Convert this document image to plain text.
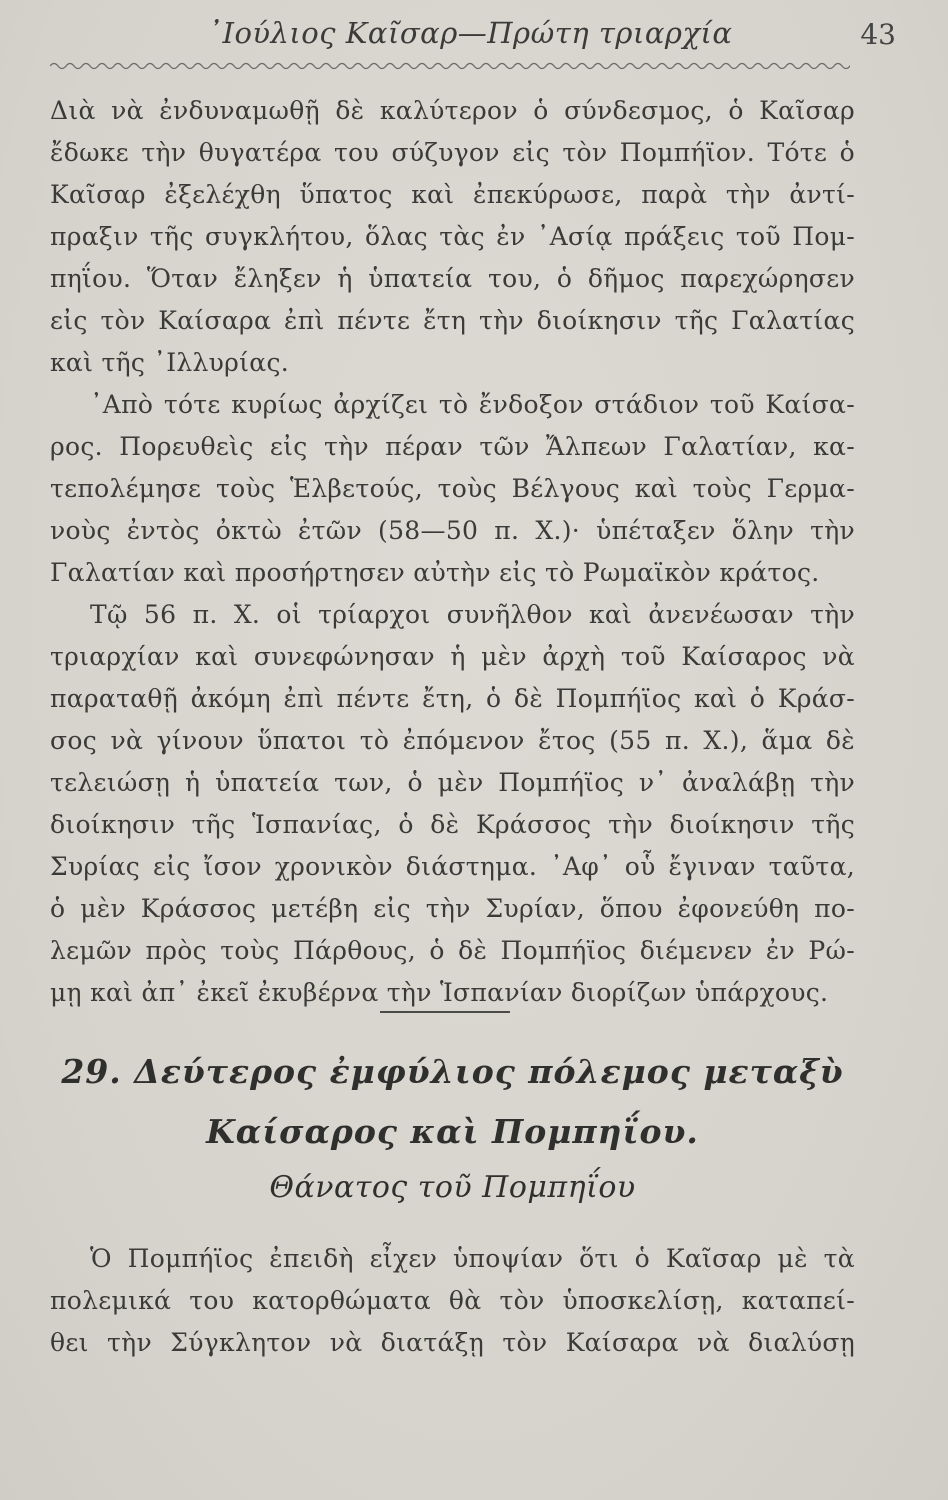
᾿Ιούλιος Καῖσαρ—Πρώτη τριαρχία	43
Διὰ νὰ ἐνδυναμωθῇ δὲ καλύτερον ὁ σύνδεσμος, ὁ Καῖσαρ
ἔδωκε τὴν θυγατέρα του σύζυγον εἰς τὸν Πομπήϊον. Τότε ὁ
Καῖσαρ ἐξελέχθη ὕπατος καὶ ἐπεκύρωσε, παρὰ τὴν ἀντί-
πραξιν τῆς συγκλήτου, ὅλας τὰς ἐν ᾿Ασίᾳ πράξεις τοῦ Πομ-
πηΐου. Ὅταν ἔληξεν ἡ ὑπατεία του, ὁ δῆμος παρεχώρησεν
εἰς τὸν Καίσαρα ἐπὶ πέντε ἔτη τὴν διοίκησιν τῆς Γαλατίας
καὶ τῆς ᾿Ιλλυρίας.
᾿Απὸ τότε κυρίως ἀρχίζει τὸ ἔνδοξον στάδιον τοῦ Καίσα-
ρος. Πορευθεὶς εἰς τὴν πέραν τῶν Ἄλπεων Γαλατίαν, κα-
τεπολέμησε τοὺς Ἑλβετούς, τοὺς Βέλγους καὶ τοὺς Γερμα-
νοὺς ἐντὸς ὀκτὼ ἐτῶν (58—50 π. Χ.)· ὑπέταξεν ὅλην τὴν
Γαλατίαν καὶ προσήρτησεν αὐτὴν εἰς τὸ Ρωμαϊκὸν κράτος.
Τῷ 56 π. Χ. οἱ τρίαρχοι συνῆλθον καὶ ἀνενέωσαν τὴν
τριαρχίαν καὶ συνεφώνησαν ἡ μὲν ἀρχὴ τοῦ Καίσαρος νὰ
παραταθῇ ἀκόμη ἐπὶ πέντε ἔτη, ὁ δὲ Πομπήϊος καὶ ὁ Κράσ-
σος νὰ γίνουν ὕπατοι τὸ ἐπόμενον ἔτος (55 π. Χ.), ἅμα δὲ
τελειώσῃ ἡ ὑπατεία των, ὁ μὲν Πομπήϊος ν᾿ ἀναλάβῃ τὴν
διοίκησιν τῆς Ἱσπανίας, ὁ δὲ Κράσσος τὴν διοίκησιν τῆς
Συρίας εἰς ἴσον χρονικὸν διάστημα. ᾿Αφ᾿ οὗ ἔγιναν ταῦτα,
ὁ μὲν Κράσσος μετέβη εἰς τὴν Συρίαν, ὅπου ἐφονεύθη πο-
λεμῶν πρὸς τοὺς Πάρθους, ὁ δὲ Πομπήϊος διέμενεν ἐν Ρώ-
μῃ καὶ ἀπ᾿ ἐκεῖ ἐκυβέρνα τὴν Ἱσπανίαν διορίζων ὑπάρχους.
29. Δεύτερος ἐμφύλιος πόλεμος μεταξὺ
Καίσαρος καὶ Πομπηΐου.
Θάνατος τοῦ Πομπηΐου
Ὁ Πομπήϊος ἐπειδὴ εἶχεν ὑποψίαν ὅτι ὁ Καῖσαρ μὲ τὰ
πολεμικά του κατορθώματα θὰ τὸν ὑποσκελίσῃ, καταπεί-
θει τὴν Σύγκλητον νὰ διατάξῃ τὸν Καίσαρα νὰ διαλύσῃ
